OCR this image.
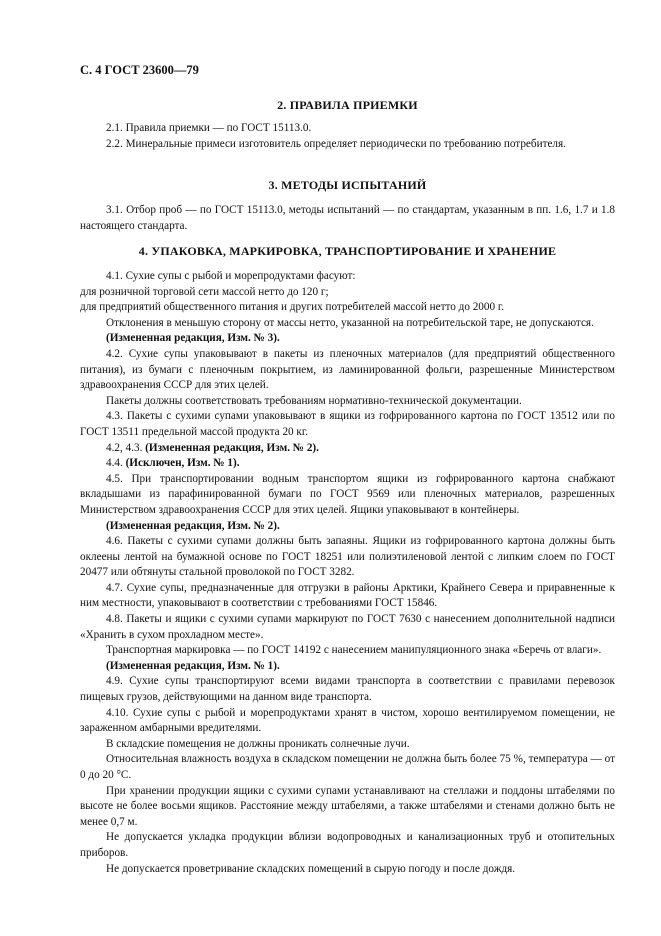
С. 4 ГОСТ 23600—79
2. ПРАВИЛА ПРИЕМКИ

2.1. Правила приемки — по ГОСТ 15113.0.

2.2. Минеральные примеси изготовитель определяет периодически по требованию потребителя.

3. МЕТОДЫ ИСПЫТАНИЙ

3.1. Отбор проб — по ГОСТ 15113.0, методы испытаний — по стандартам, указанным в пп. 1.6, 1.7 и 1.8 настоящего стандарта.

4. УПАКОВКА, МАРКИРОВКА, ТРАНСПОРТИРОВАНИЕ И ХРАНЕНИЕ

4.1. Сухие супы с рыбой и морепродуктами фасуют:

для розничной торговой сети массой нетто до 120 г;

для предприятий общественного питания и других потребителей массой нетто до 2000 г.

Отклонения в меньшую сторону от массы нетто, указанной на потребительской таре, не допускаются.

(Измененная редакция, Изм. № 3).

4.2. Сухие супы упаковывают в пакеты из пленочных материалов (для предприятий общественного питания), из бумаги с пленочным покрытием, из ламинированной фольги, разрешенные Министерством здравоохранения СССР для этих целей.

Пакеты должны соответствовать требованиям нормативно-технической документации.

4.3. Пакеты с сухими супами упаковывают в ящики из гофрированного картона по ГОСТ 13512 или по ГОСТ 13511 предельной массой продукта 20 кг.

4.2, 4.3. (Измененная редакция, Изм. № 2).

4.4. (Исключен, Изм. № 1).

4.5. При транспортировании водным транспортом ящики из гофрированного картона снабжают вкладышами из парафинированной бумаги по ГОСТ 9569 или пленочных материалов, разрешенных Министерством здравоохранения СССР для этих целей. Ящики упаковывают в контейнеры.

(Измененная редакция, Изм. № 2).

4.6. Пакеты с сухими супами должны быть запаяны. Ящики из гофрированного картона должны быть оклеены лентой на бумажной основе по ГОСТ 18251 или полиэтиленовой лентой с липким слоем по ГОСТ 20477 или обтянуты стальной проволокой по ГОСТ 3282.

4.7. Сухие супы, предназначенные для отгрузки в районы Арктики, Крайнего Севера и приравненные к ним местности, упаковывают в соответствии с требованиями ГОСТ 15846.

4.8. Пакеты и ящики с сухими супами маркируют по ГОСТ 7630 с нанесением дополнительной надписи «Хранить в сухом прохладном месте».

Транспортная маркировка — по ГОСТ 14192 с нанесением манипуляционного знака «Беречь от влаги».

(Измененная редакция, Изм. № 1).

4.9. Сухие супы транспортируют всеми видами транспорта в соответствии с правилами перевозок пищевых грузов, действующими на данном виде транспорта.

4.10. Сухие супы с рыбой и морепродуктами хранят в чистом, хорошо вентилируемом помещении, не зараженном амбарными вредителями.

В складские помещения не должны проникать солнечные лучи.

Относительная влажность воздуха в складском помещении не должна быть более 75 %, температура — от 0 до 20 °С.

При хранении продукции ящики с сухими супами устанавливают на стеллажи и поддоны штабелями по высоте не более восьми ящиков. Расстояние между штабелями, а также штабелями и стенами должно быть не менее 0,7 м.

Не допускается укладка продукции вблизи водопроводных и канализационных труб и отопительных приборов.

Не допускается проветривание складских помещений в сырую погоду и после дождя.
